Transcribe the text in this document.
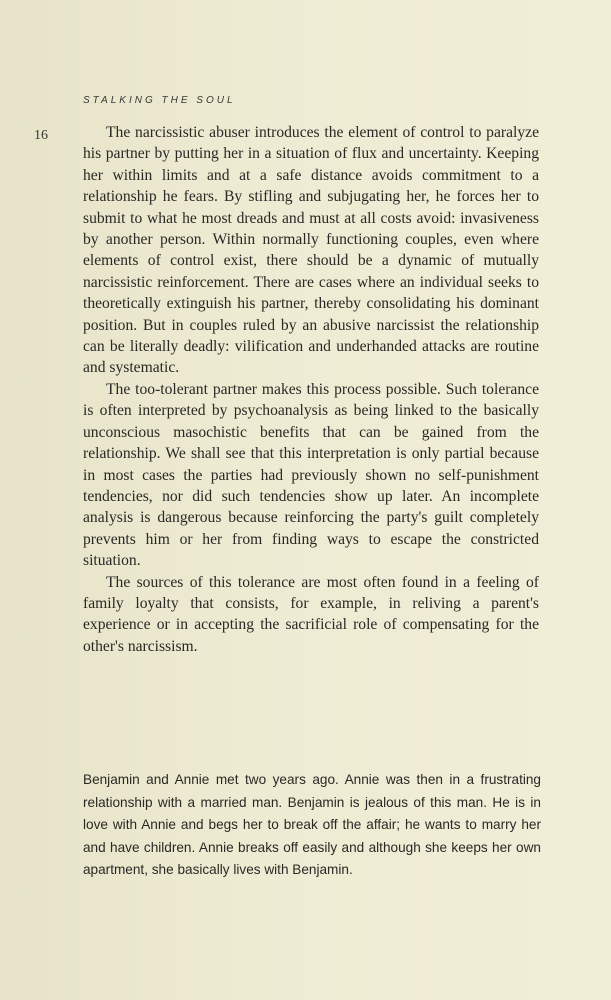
STALKING THE SOUL
16	The narcissistic abuser introduces the element of control to paralyze his partner by putting her in a situation of flux and uncertainty. Keeping her within limits and at a safe distance avoids commitment to a relationship he fears. By stifling and subjugating her, he forces her to submit to what he most dreads and must at all costs avoid: invasiveness by another person. Within normally functioning couples, even where elements of control exist, there should be a dynamic of mutually narcissistic reinforcement. There are cases where an individual seeks to theoretically extinguish his partner, thereby consolidating his dominant position. But in couples ruled by an abusive narcissist the relationship can be literally deadly: vilification and underhanded attacks are routine and systematic.

The too-tolerant partner makes this process possible. Such tolerance is often interpreted by psychoanalysis as being linked to the basically unconscious masochistic benefits that can be gained from the relationship. We shall see that this interpretation is only partial because in most cases the parties had previously shown no self-punishment tendencies, nor did such tendencies show up later. An incomplete analysis is dangerous because reinforcing the party's guilt completely prevents him or her from finding ways to escape the constricted situation.

The sources of this tolerance are most often found in a feeling of family loyalty that consists, for example, in reliving a parent's experience or in accepting the sacrificial role of compensating for the other's narcissism.

Benjamin and Annie met two years ago. Annie was then in a frustrating relationship with a married man. Benjamin is jealous of this man. He is in love with Annie and begs her to break off the affair; he wants to marry her and have children. Annie breaks off easily and although she keeps her own apartment, she basically lives with Benjamin.
